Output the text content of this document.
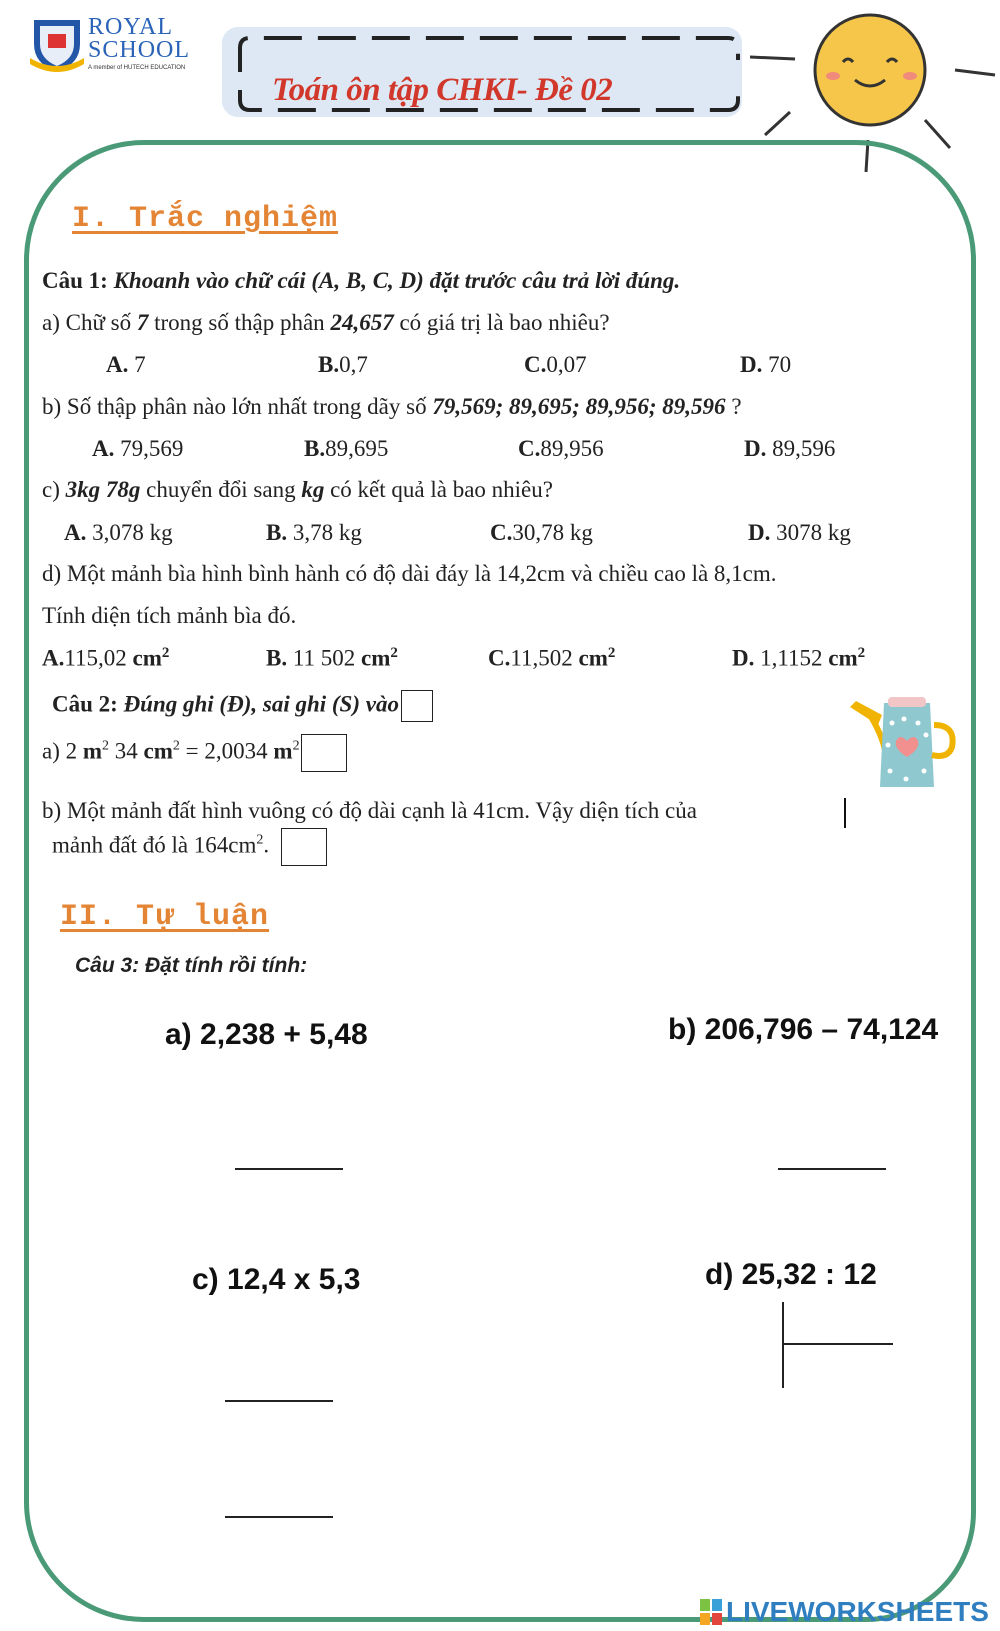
ROYAL ROYAL
SCHOOL
A member of HUTECH EDUCATION
Toán ôn tập CHKI- Đề 02
I. Trắc nghiệm
Câu 1: Khoanh vào chữ cái (A, B, C, D) đặt trước câu trả lời đúng.
a) Chữ số 7 trong số thập phân 24,657 có giá trị là bao nhiêu?
A. 7	B.0,7	C.0,07	D. 70
b) Số thập phân nào lớn nhất trong dãy số 79,569; 89,695; 89,956; 89,596 ?
A. 79,569	B.89,695	C.89,956	D. 89,596
c) 3kg 78g chuyển đổi sang kg có kết quả là bao nhiêu?
A. 3,078 kg	B. 3,78 kg	C.30,78 kg	D. 3078 kg
d) Một mảnh bìa hình bình hành có độ dài đáy là 14,2cm và chiều cao là 8,1cm.
Tính diện tích mảnh bìa đó.
A.115,02 $cm^2$	B. 11 502 $cm^2$	C.11,502 $cm^2$	D. 1,1152 $cm^2$
Câu 2: Đúng ghi (Đ), sai ghi (S) vào
a) 2 $m^2$ 34 $cm^2 = 2,0034$ $m^2$
b) Một mảnh đất hình vuông có độ dài cạnh là 41cm. Vậy diện tích của
mảnh đất đó là $164cm^2$.
II. Tự luận
Câu 3: Đặt tính rồi tính:
a) 2,238 + 5,48	b) 206,796 – 74,124
c) 12,4 x 5,3	d) 25,32 : 12
LIVEWORKSHEETS
